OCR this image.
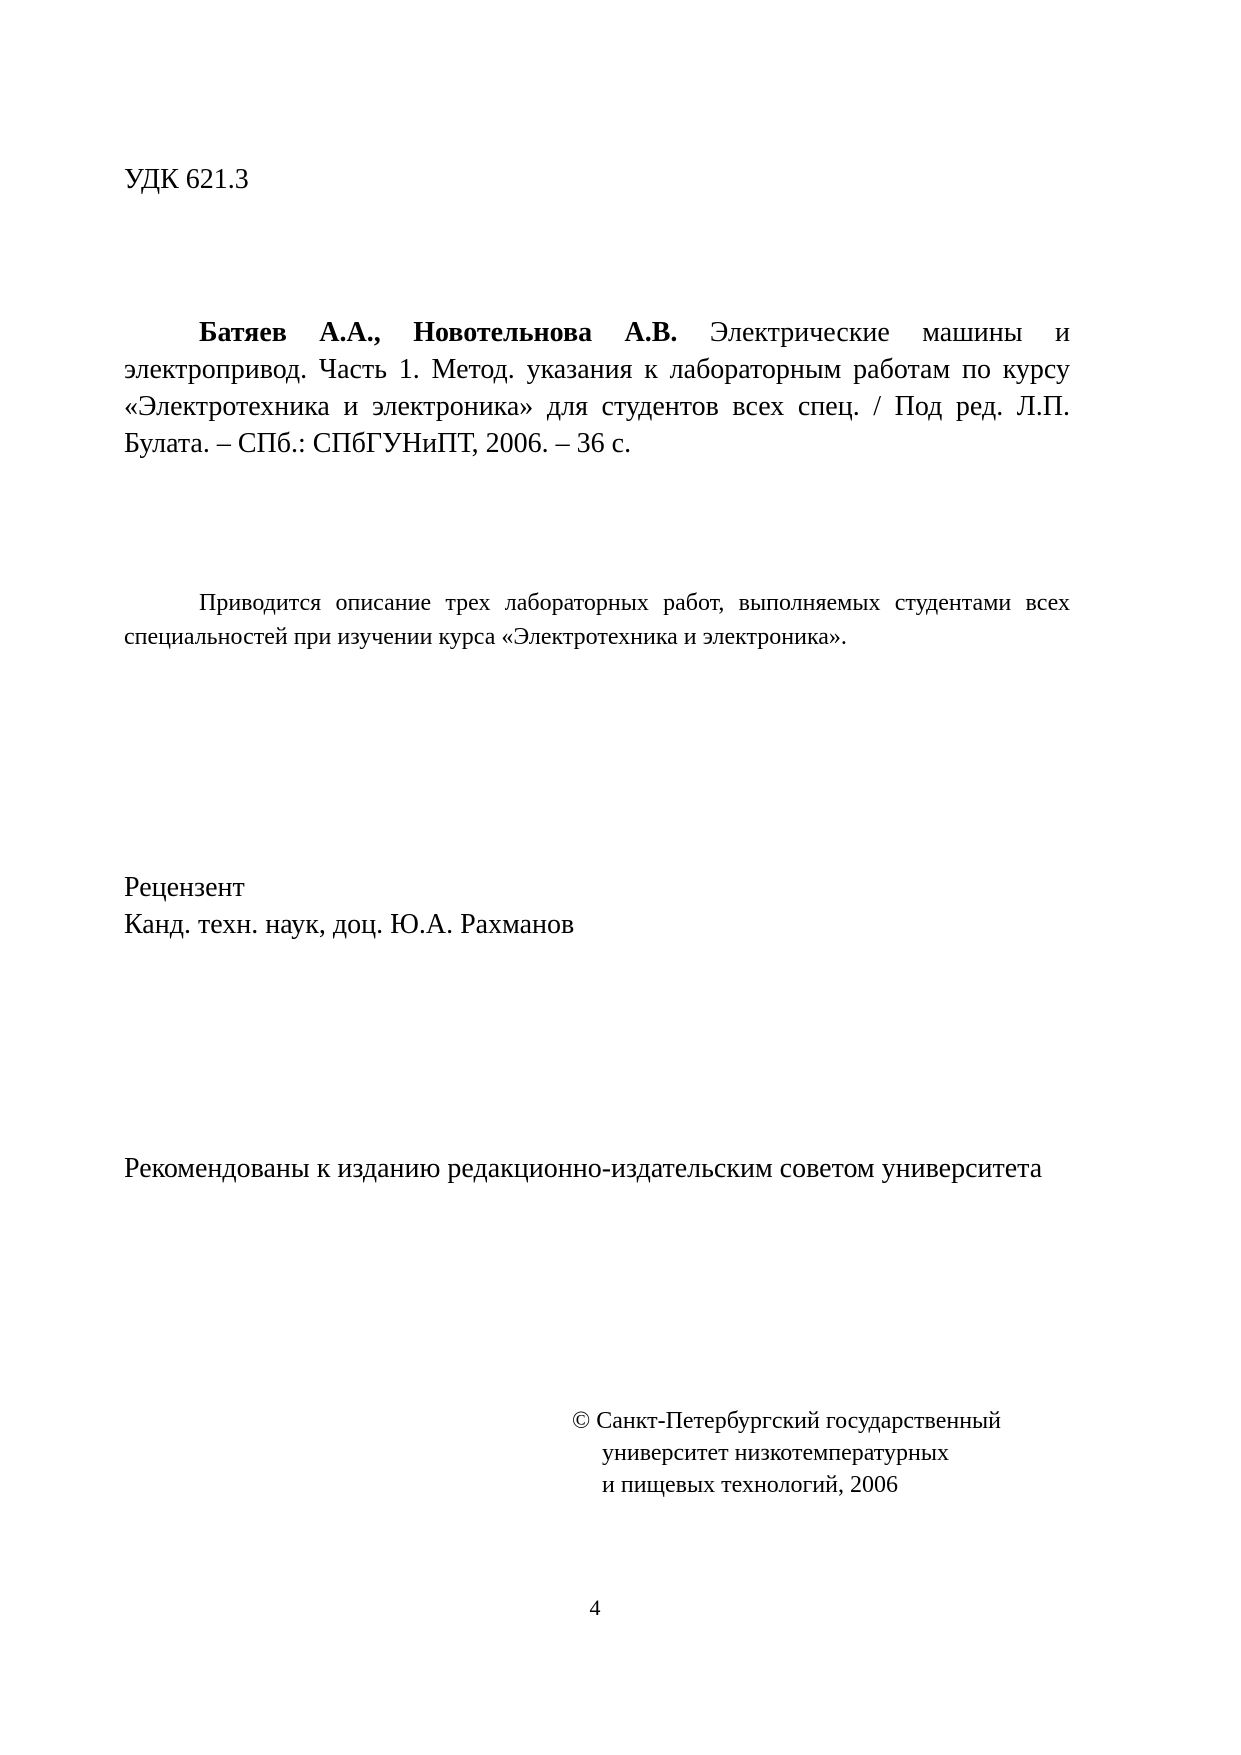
УДК 621.3

Батяев А.А., Новотельнова А.В. Электрические машины и электропривод. Часть 1. Метод. указания к лабораторным работам по курсу «Электротехника и электроника» для студентов всех спец. / Под ред. Л.П. Булата. – СПб.: СПбГУНиПТ, 2006. – 36 с.

Приводится описание трех лабораторных работ, выполняемых студентами всех специальностей при изучении курса «Электротехника и электроника».

Рецензент

Канд. техн. наук, доц. Ю.А. Рахманов

Рекомендованы к изданию редакционно-издательским советом университета

© Санкт-Петербургский государственный

университет низкотемпературных

и пищевых технологий, 2006

4
